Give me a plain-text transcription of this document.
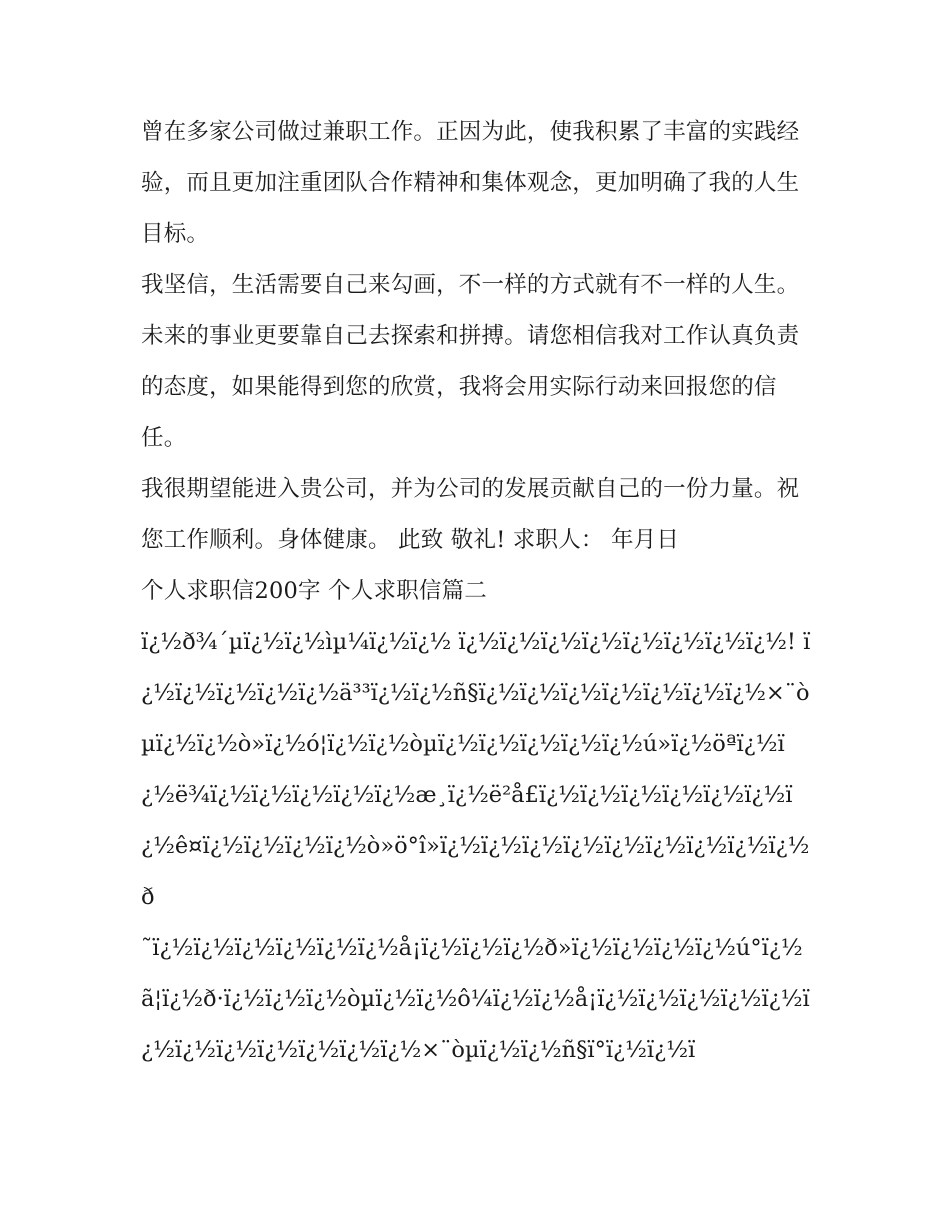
曾在多家公司做过兼职工作。正因为此，使我积累了丰富的实践经验，而且更加注重团队合作精神和集体观念，更加明确了我的人生目标。

我坚信，生活需要自己来勾画，不一样的方式就有不一样的人生。未来的事业更要靠自己去探索和拼搏。请您相信我对工作认真负责的态度，如果能得到您的欣赏，我将会用实际行动来回报您的信任。

我很期望能进入贵公司，并为公司的发展贡献自己的一份力量。祝您工作顺利。身体健康。 此致 敬礼! 求职人： 年月日

个人求职信200字 个人求职信篇二

ï¿½ð¾´µï¿½ï¿½ìµ¼ï¿½ï¿½ ï¿½ï¿½ï¿½ï¿½ï¿½ï¿½ï¿½ï¿½! ï¿½ï¿½ï¿½ï¿½ï¿½ä³³ï¿½ï¿½ñ§ï¿½ï¿½ï¿½ï¿½ï¿½ï¿½ï¿½×¨òµï¿½ï¿½ò»ï¿½ó¦ï¿½ï¿½òµï¿½ï¿½ï¿½ï¿½ï¿½ú»ï¿½öªï¿½ï¿½ë¾ï¿½ï¿½ï¿½ï¿½ï¿½æ¸ï¿½ë²å£ï¿½ï¿½ï¿½ï¿½ï¿½ï¿½ï¿½ê¤ï¿½ï¿½ï¿½ï¿½ò»ö°î»ï¿½ï¿½ï¿½ï¿½ï¿½ï¿½ï¿½ï¿½ï¿½ð

˜ï¿½ï¿½ï¿½ï¿½ï¿½ï¿½å¡ï¿½ï¿½ï¿½ð»ï¿½ï¿½ï¿½ï¿½ú°ï¿½ã¦ï¿½ð·ï¿½ï¿½ï¿½òµï¿½ï¿½ô¼ï¿½ï¿½å¡ï¿½ï¿½ï¿½ï¿½ï¿½ï¿½ï¿½ï¿½ï¿½ï¿½ï¿½ï¿½×¨òµï¿½ï¿½ñ§ï°ï¿½ï¿½ï
